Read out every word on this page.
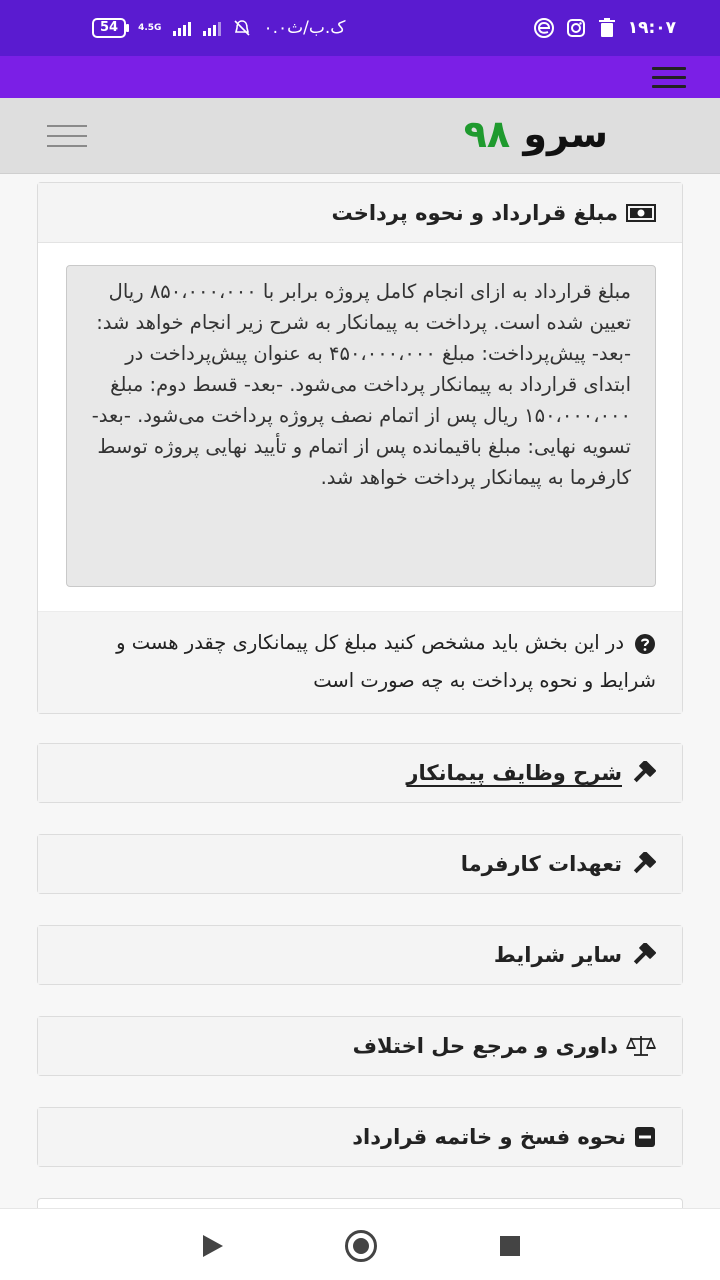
54	4.5G	۰.۰ک.ب/ث	۱۹:۰۷
سرو ۹۸
مبلغ قرارداد و نحوه پرداخت
مبلغ قرارداد به ازای انجام کامل پروژه برابر با ۸۵۰،۰۰۰،۰۰۰ ریال تعیین شده است. پرداخت به پیمانکار به شرح زیر انجام خواهد شد: -بعد- پیش‌پرداخت: مبلغ ۴۵۰،۰۰۰،۰۰۰ به عنوان پیش‌پرداخت در ابتدای قرارداد به پیمانکار پرداخت می‌شود. -بعد- قسط دوم: مبلغ ۱۵۰،۰۰۰،۰۰۰ ریال پس از اتمام نصف پروژه پرداخت می‌شود. -بعد- تسویه نهایی: مبلغ باقیمانده پس از اتمام و تأیید نهایی پروژه توسط کارفرما به پیمانکار پرداخت خواهد شد.
در این بخش باید مشخص کنید مبلغ کل پیمانکاری چقدر هست و شرایط و نحوه پرداخت به چه صورت است
شرح وظایف پیمانکار
تعهدات کارفرما
سایر شرایط
داوری و مرجع حل اختلاف
نحوه فسخ و خاتمه قرارداد
